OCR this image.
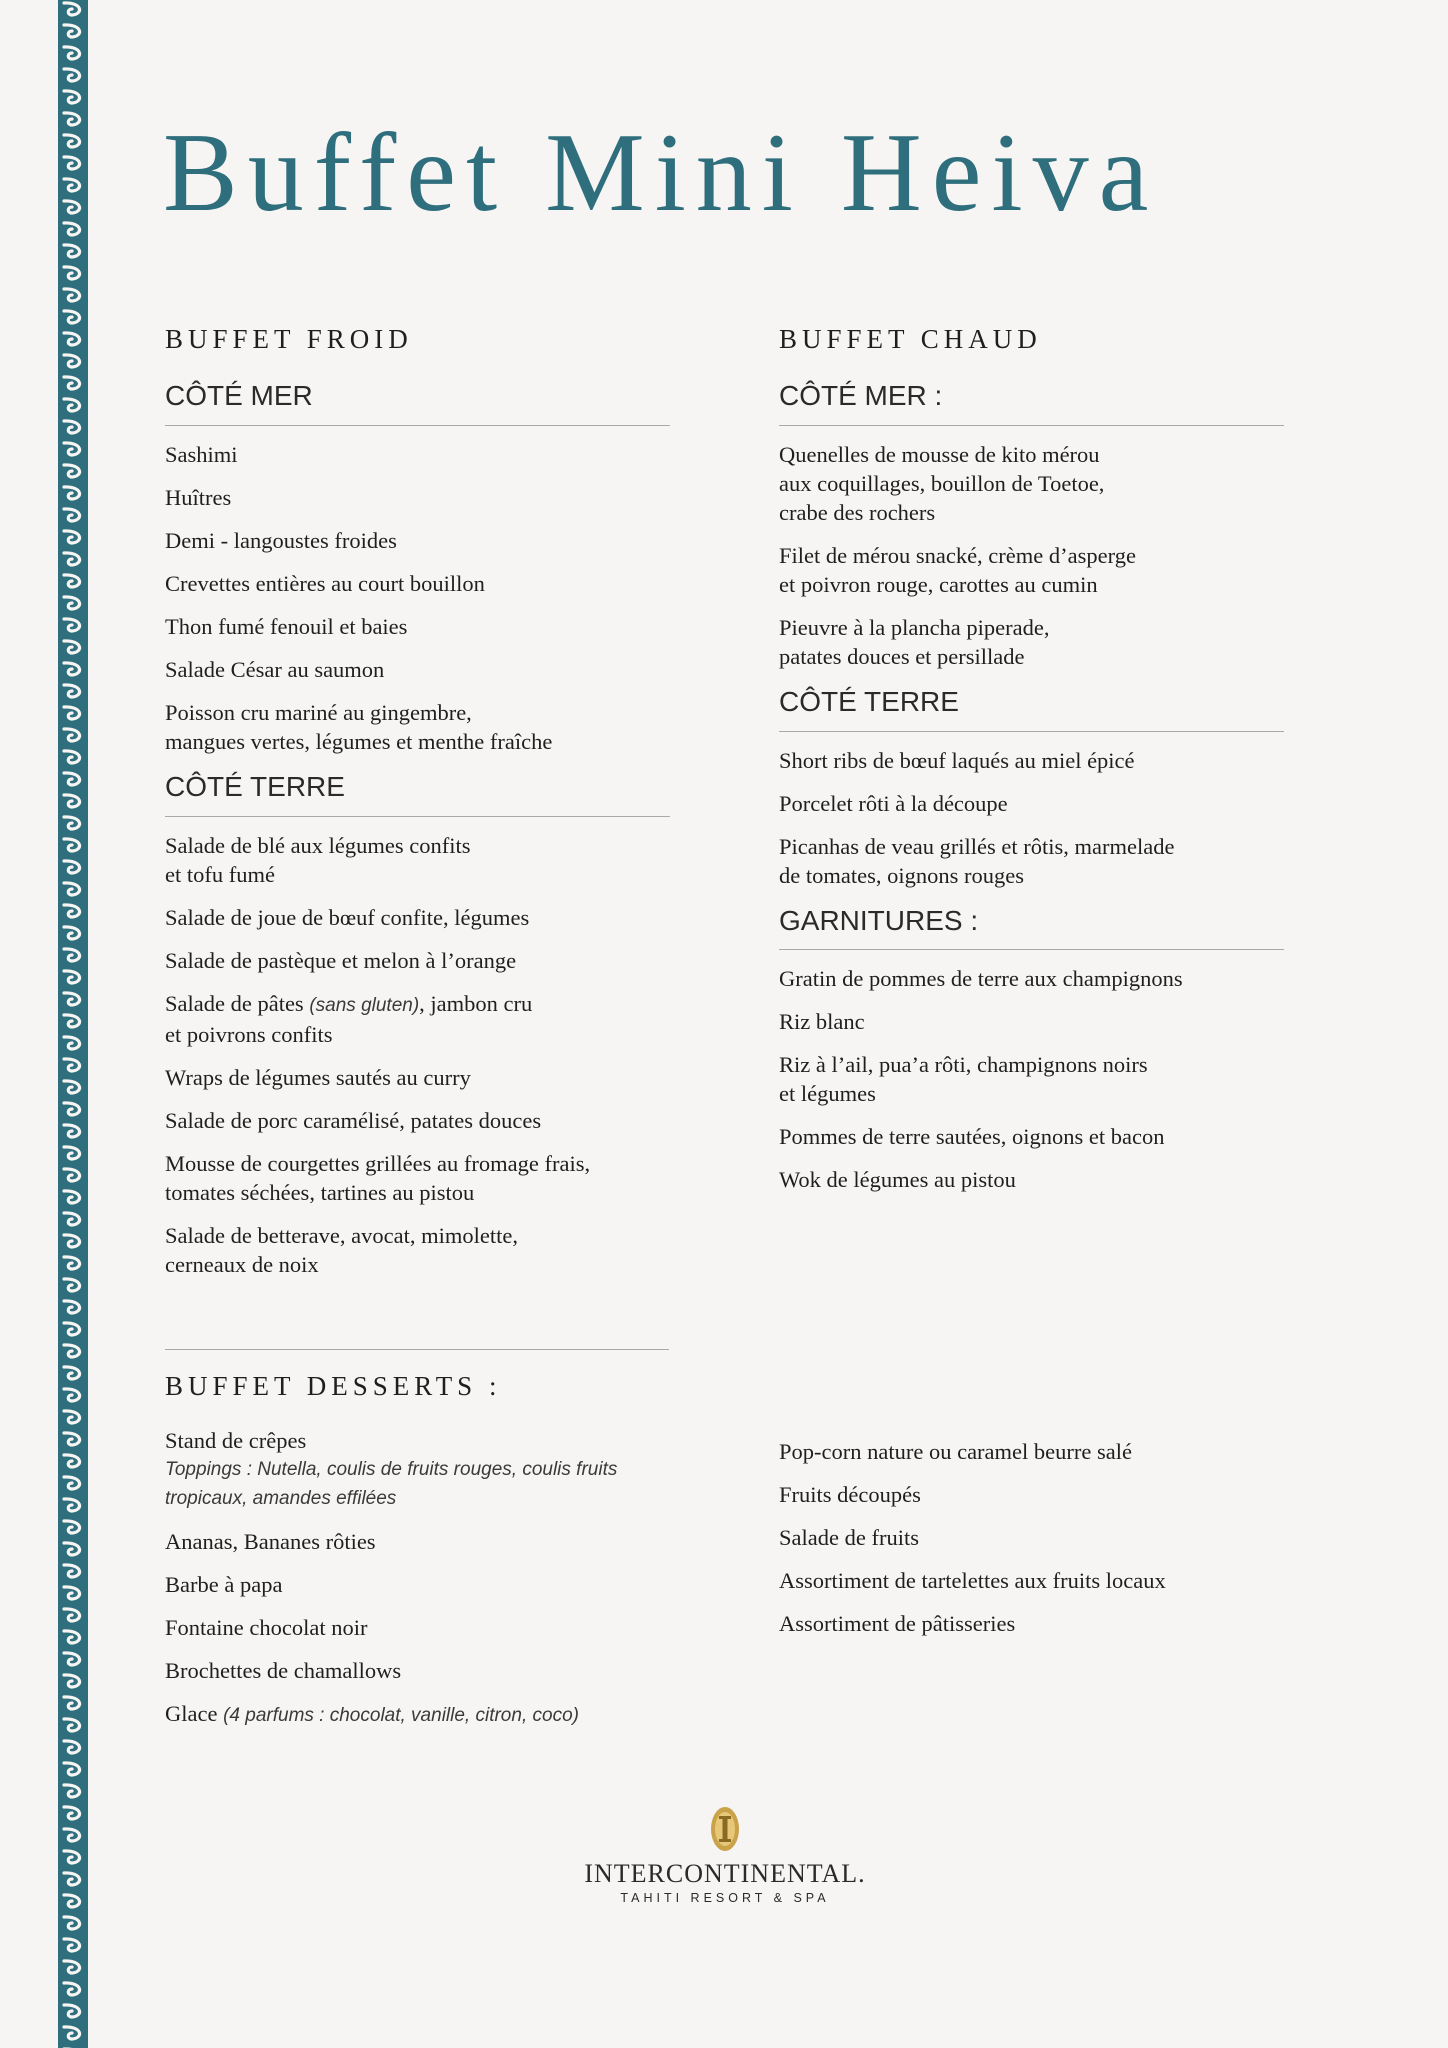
Buffet Mini Heiva
BUFFET FROID
CÔTÉ MER
Sashimi
Huîtres
Demi - langoustes froides
Crevettes entières au court bouillon
Thon fumé fenouil et baies
Salade César au saumon
Poisson cru mariné au gingembre,
mangues vertes, légumes et menthe fraîche
CÔTÉ TERRE
Salade de blé aux légumes confits
et tofu fumé
Salade de joue de bœuf confite, légumes
Salade de pastèque et melon à l’orange
Salade de pâtes (sans gluten), jambon cru
et poivrons confits
Wraps de légumes sautés au curry
Salade de porc caramélisé, patates douces
Mousse de courgettes grillées au fromage frais,
tomates séchées, tartines au pistou
Salade de betterave, avocat, mimolette,
cerneaux de noix
BUFFET CHAUD
CÔTÉ MER :
Quenelles de mousse de kito mérou
aux coquillages, bouillon de Toetoe,
crabe des rochers
Filet de mérou snacké, crème d’asperge
et poivron rouge, carottes au cumin
Pieuvre à la plancha piperade,
patates douces et persillade
CÔTÉ TERRE
Short ribs de bœuf laqués au miel épicé
Porcelet rôti à la découpe
Picanhas de veau grillés et rôtis, marmelade
de tomates, oignons rouges
GARNITURES :
Gratin de pommes de terre aux champignons
Riz blanc
Riz à l’ail, pua’a rôti, champignons noirs
et légumes
Pommes de terre sautées, oignons et bacon
Wok de légumes au pistou
BUFFET DESSERTS :
Stand de crêpes
Toppings : Nutella, coulis de fruits rouges, coulis fruits
tropicaux, amandes effilées
Ananas, Bananes rôties
Barbe à papa
Fontaine chocolat noir
Brochettes de chamallows
Glace (4 parfums : chocolat, vanille, citron, coco)
Pop-corn nature ou caramel beurre salé
Fruits découpés
Salade de fruits
Assortiment de tartelettes aux fruits locaux
Assortiment de pâtisseries
INTERCONTINENTAL.
TAHITI RESORT & SPA
